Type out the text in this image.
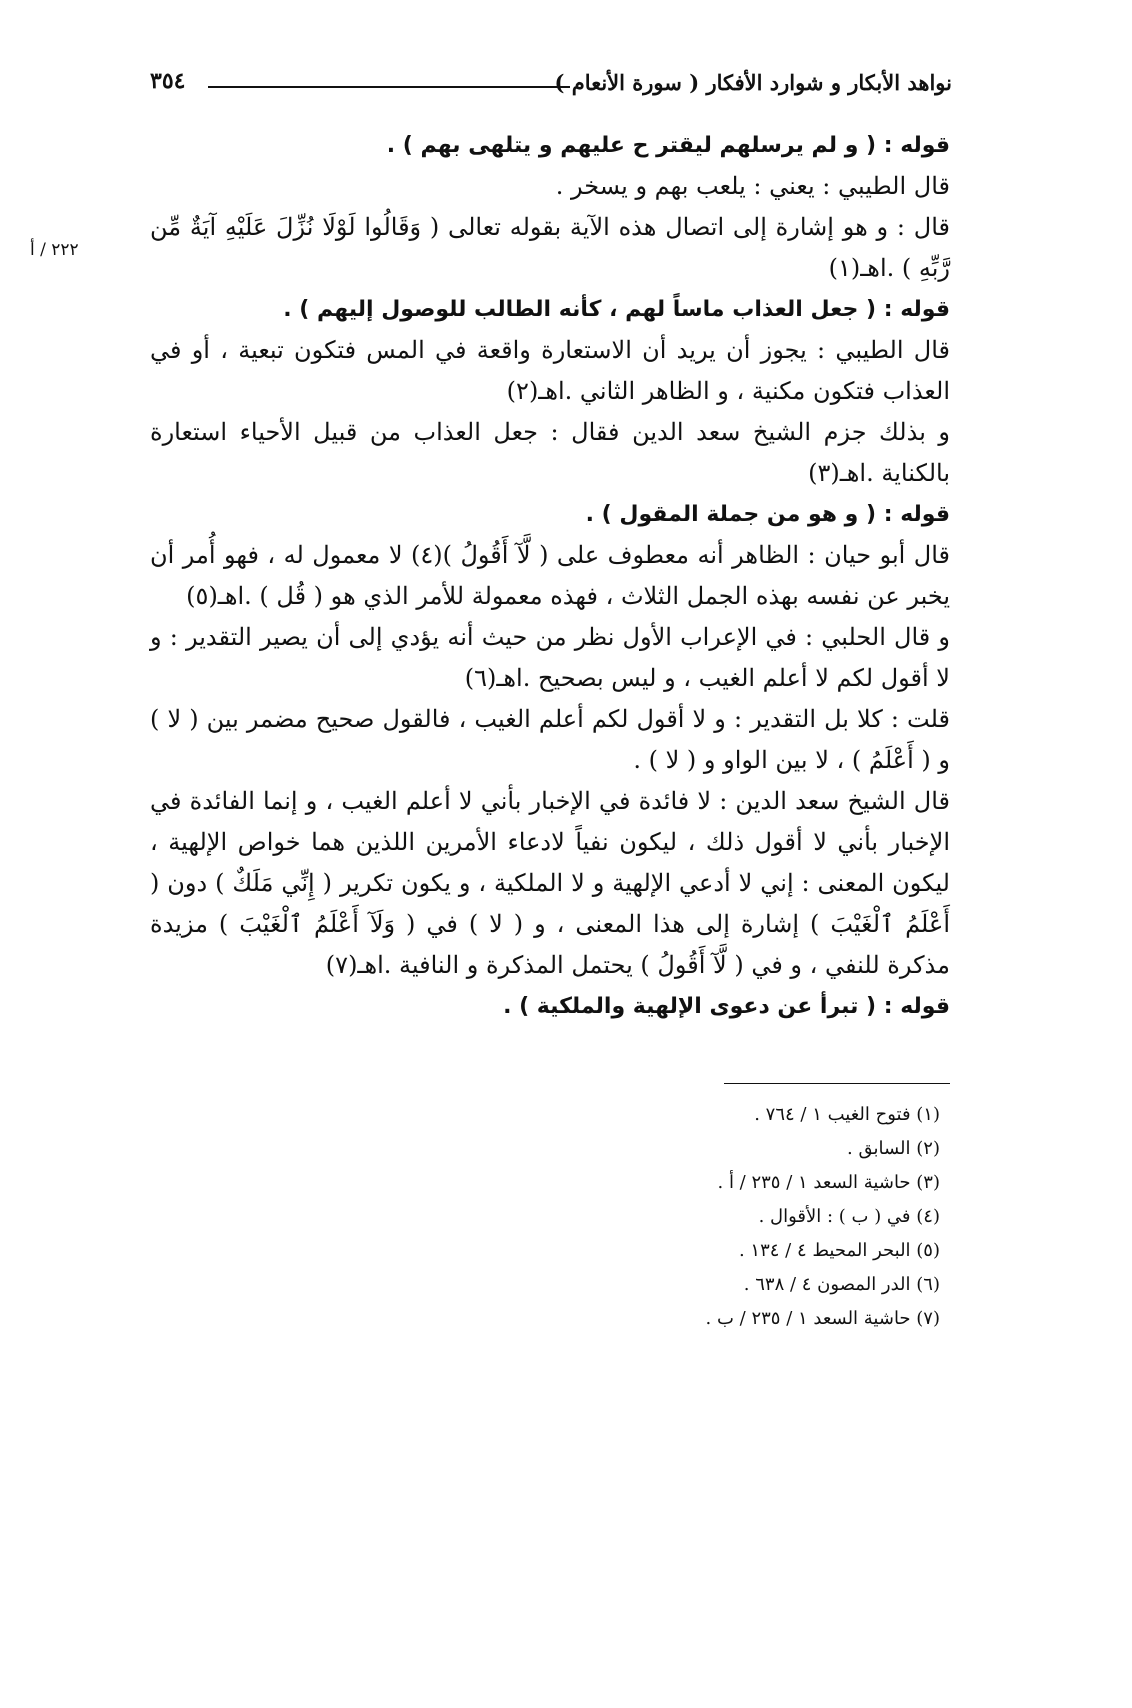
نواهد الأبكار و شوارد الأفكار ( سورة الأنعام )
٣٥٤
٢٢٢ / أ

قوله : ( و لم يرسلهم ليقتر ح عليهم و يتلهى بهم ) .

قال الطيبي : يعني : يلعب بهم و يسخر .

قال : و هو إشارة إلى اتصال هذه الآية بقوله تعالى ( وَقَالُوا لَوْلَا نُزِّلَ عَلَيْهِ آيَةٌ مِّن رَّبِّهِ ) .اهـ(١)

قوله : ( جعل العذاب ماساً لهم ، كأنه الطالب للوصول إليهم ) .

قال الطيبي : يجوز أن يريد أن الاستعارة واقعة في المس فتكون تبعية ، أو في العذاب فتكون مكنية ، و الظاهر الثاني .اهـ(٢)

و بذلك جزم الشيخ سعد الدين فقال : جعل العذاب من قبيل الأحياء استعارة بالكناية .اهـ(٣)

قوله : ( و هو من جملة المقول ) .

قال أبو حيان : الظاهر أنه معطوف على ( لَّآ أَقُولُ )(٤) لا معمول له ، فهو أُمر أن يخبر عن نفسه بهذه الجمل الثلاث ، فهذه معمولة للأمر الذي هو ( قُل ) .اهـ(٥)

و قال الحلبي : في الإعراب الأول نظر من حيث أنه يؤدي إلى أن يصير التقدير : و لا أقول لكم لا أعلم الغيب ، و ليس بصحيح .اهـ(٦)

قلت : كلا بل التقدير : و لا أقول لكم أعلم الغيب ، فالقول صحيح مضمر بين ( لا ) و ( أَعْلَمُ ) ، لا بين الواو و ( لا ) .

قال الشيخ سعد الدين : لا فائدة في الإخبار بأني لا أعلم الغيب ، و إنما الفائدة في الإخبار بأني لا أقول ذلك ، ليكون نفياً لادعاء الأمرين اللذين هما خواص الإلهية ، ليكون المعنى : إني لا أدعي الإلهية و لا الملكية ، و يكون تكرير ( إِنِّي مَلَكٌ ) دون ( أَعْلَمُ ٱلْغَيْبَ ) إشارة إلى هذا المعنى ، و ( لا ) في ( وَلَآ أَعْلَمُ ٱلْغَيْبَ ) مزيدة مذكرة للنفي ، و في ( لَّآ أَقُولُ ) يحتمل المذكرة و النافية .اهـ(٧)

قوله : ( تبرأ عن دعوى الإلهية والملكية ) .

(١) فتوح الغيب ١ / ٧٦٤ .

(٢) السابق .

(٣) حاشية السعد ١ / ٢٣٥ / أ .

(٤) في ( ب ) : الأقوال .

(٥) البحر المحيط ٤ / ١٣٤ .

(٦) الدر المصون ٤ / ٦٣٨ .

(٧) حاشية السعد ١ / ٢٣٥ / ب .
